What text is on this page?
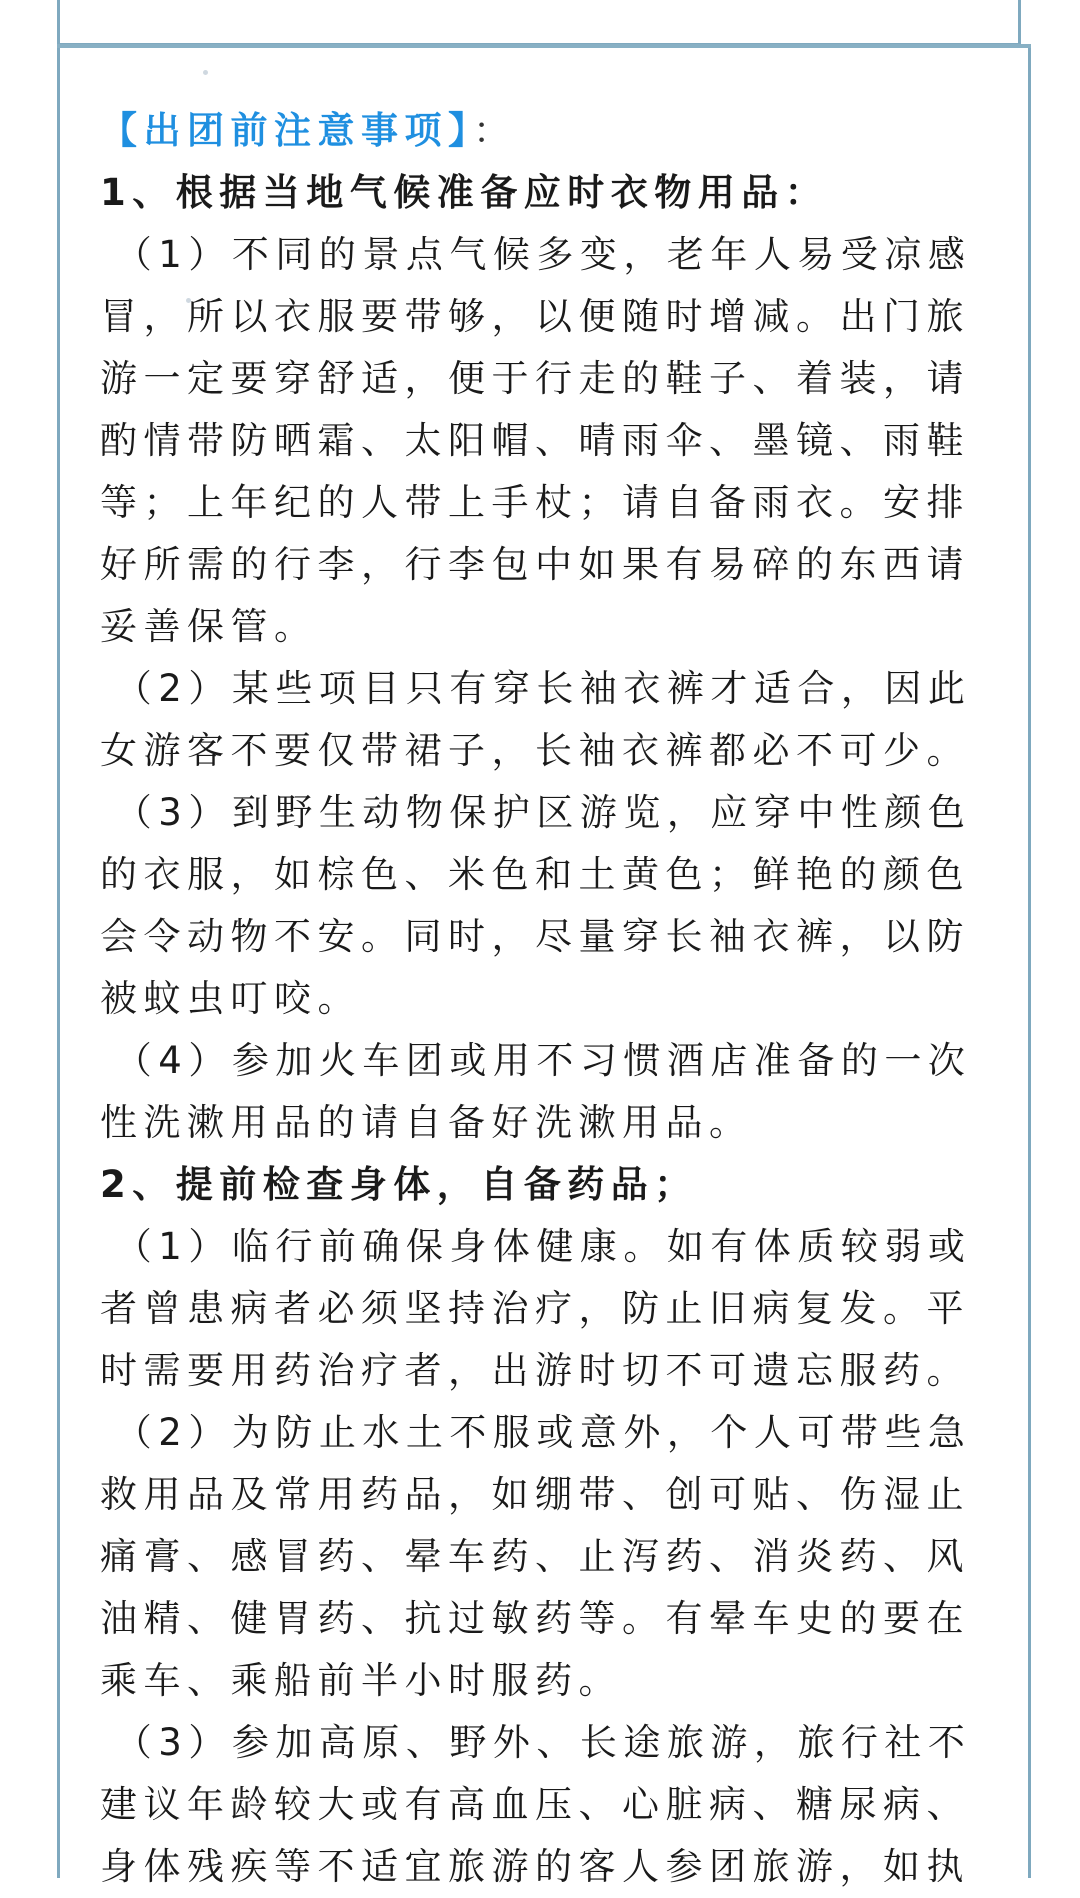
【出团前注意事项】：

1、根据当地气候准备应时衣物用品：

（1）不同的景点气候多变，老年人易受凉感冒，所以衣服要带够，以便随时增减。出门旅游一定要穿舒适，便于行走的鞋子、着装，请酌情带防晒霜、太阳帽、晴雨伞、墨镜、雨鞋等；上年纪的人带上手杖；请自备雨衣。安排好所需的行李，行李包中如果有易碎的东西请妥善保管。

（2）某些项目只有穿长袖衣裤才适合，因此女游客不要仅带裙子，长袖衣裤都必不可少。

（3）到野生动物保护区游览，应穿中性颜色的衣服，如棕色、米色和土黄色；鲜艳的颜色会令动物不安。同时，尽量穿长袖衣裤，以防被蚊虫叮咬。

（4）参加火车团或用不习惯酒店准备的一次性洗漱用品的请自备好洗漱用品。

2、提前检查身体，自备药品；

（1）临行前确保身体健康。如有体质较弱或者曾患病者必须坚持治疗，防止旧病复发。平时需要用药治疗者，出游时切不可遗忘服药。

（2）为防止水土不服或意外，个人可带些急救用品及常用药品，如绷带、创可贴、伤湿止痛膏、感冒药、晕车药、止泻药、消炎药、风油精、健胃药、抗过敏药等。有晕车史的要在乘车、乘船前半小时服药。

（3）参加高原、野外、长途旅游，旅行社不建议年龄较大或有高血压、心脏病、糖尿病、身体残疾等不适宜旅游的客人参团旅游，如执
